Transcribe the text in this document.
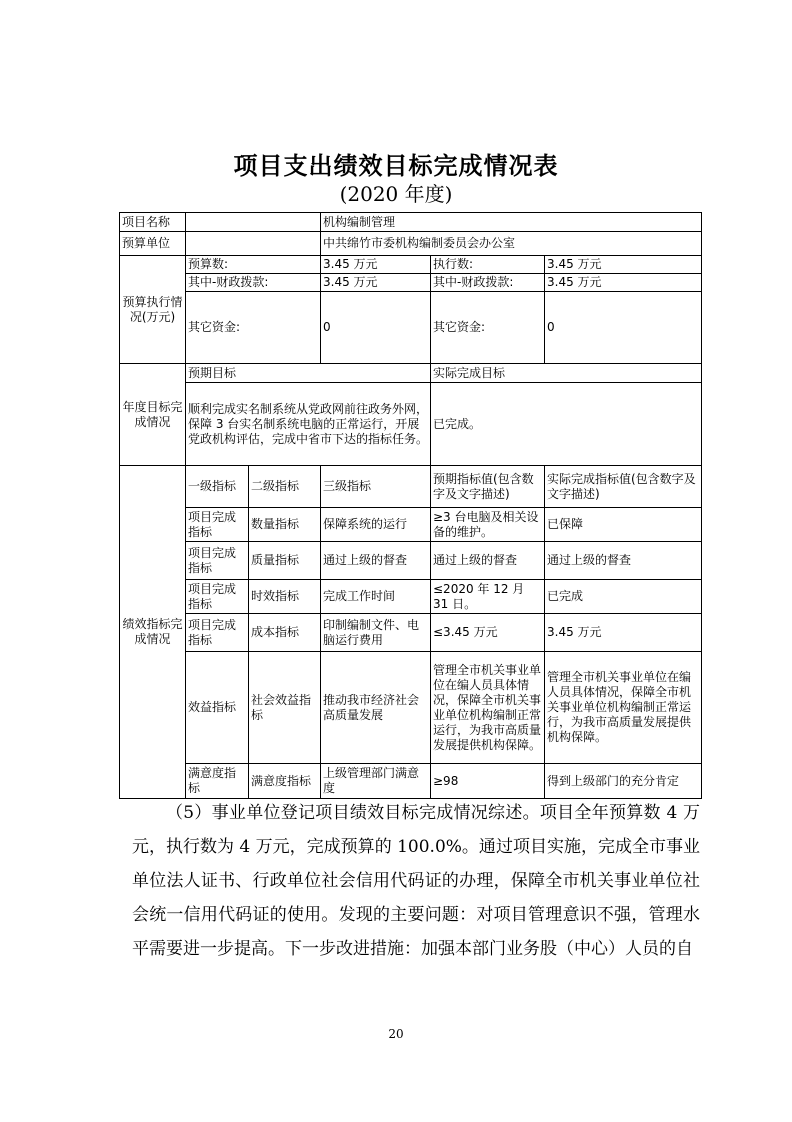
项目支出绩效目标完成情况表
(2020 年度)
项目名称			机构编制管理		
预算单位			中共绵竹市委机构编制委员会办公室		
预算执行情况(万元)	预算数:		3.45 万元	执行数:	3.45 万元
	其中-财政拨款:		3.45 万元	其中-财政拨款:	3.45 万元
	其它资金:		0	其它资金:	0
年度目标完成情况	预期目标			实际完成目标	
	顺利完成实名制系统从党政网前往政务外网，保障 3 台实名制系统电脑的正常运行，开展党政机构评估，完成中省市下达的指标任务。			已完成。	
绩效指标完成情况	一级指标	二级指标	三级指标	预期指标值(包含数字及文字描述)	实际完成指标值(包含数字及文字描述)
	项目完成指标	数量指标	保障系统的运行	≥3 台电脑及相关设备的维护。	已保障
	项目完成指标	质量指标	通过上级的督查	通过上级的督查	通过上级的督查
	项目完成指标	时效指标	完成工作时间	≤2020 年 12 月 31 日。	已完成
	项目完成指标	成本指标	印制编制文件、电脑运行费用	≤3.45 万元	3.45 万元
	效益指标	社会效益指标	推动我市经济社会高质量发展	管理全市机关事业单位在编人员具体情况，保障全市机关事业单位机构编制正常运行，为我市高质量发展提供机构保障。	管理全市机关事业单位在编人员具体情况，保障全市机关事业单位机构编制正常运行，为我市高质量发展提供机构保障。
	满意度指标	满意度指标	上级管理部门满意度	≥98	得到上级部门的充分肯定

（5）事业单位登记项目绩效目标完成情况综述。项目全年预算数 4 万元，执行数为 4 万元，完成预算的 100.0%。通过项目实施，完成全市事业单位法人证书、行政单位社会信用代码证的办理，保障全市机关事业单位社会统一信用代码证的使用。发现的主要问题：对项目管理意识不强，管理水平需要进一步提高。下一步改进措施：加强本部门业务股（中心）人员的自

20
